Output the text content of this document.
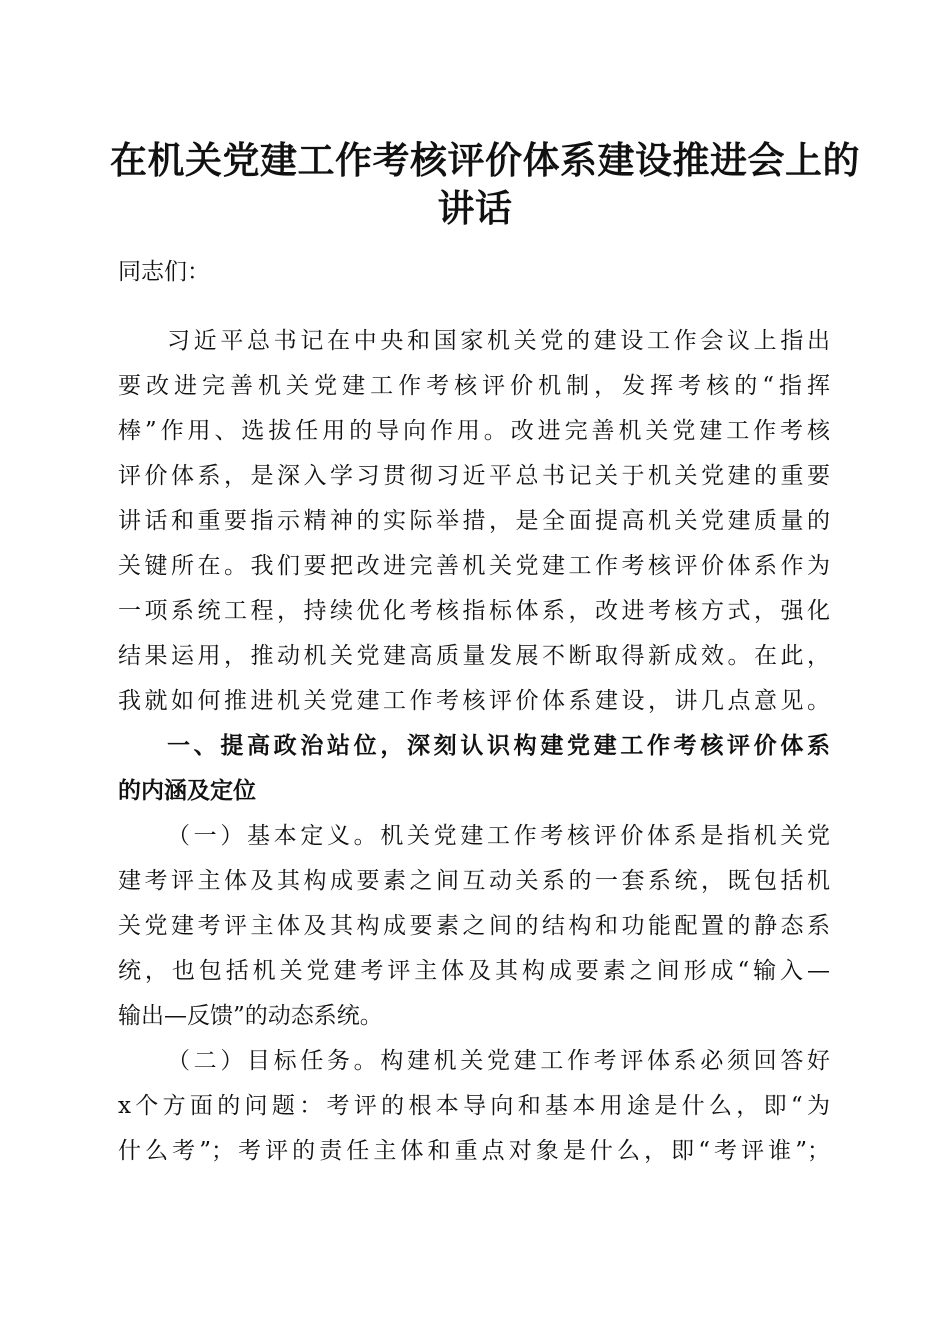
在机关党建工作考核评价体系建设推进会上的
讲话
同志们：
习近平总书记在中央和国家机关党的建设工作会议上指出
要改进完善机关党建工作考核评价机制，发挥考核的“指挥
棒”作用、选拔任用的导向作用。改进完善机关党建工作考核
评价体系，是深入学习贯彻习近平总书记关于机关党建的重要
讲话和重要指示精神的实际举措，是全面提高机关党建质量的
关键所在。我们要把改进完善机关党建工作考核评价体系作为
一项系统工程，持续优化考核指标体系，改进考核方式，强化
结果运用，推动机关党建高质量发展不断取得新成效。在此，
我就如何推进机关党建工作考核评价体系建设，讲几点意见。
一、提高政治站位，深刻认识构建党建工作考核评价体系
的内涵及定位
（一）基本定义。机关党建工作考核评价体系是指机关党
建考评主体及其构成要素之间互动关系的一套系统，既包括机
关党建考评主体及其构成要素之间的结构和功能配置的静态系
统，也包括机关党建考评主体及其构成要素之间形成“输入—
输出—反馈”的动态系统。
（二）目标任务。构建机关党建工作考评体系必须回答好
x个方面的问题：考评的根本导向和基本用途是什么，即“为
什么考”；考评的责任主体和重点对象是什么，即“考评谁”；
